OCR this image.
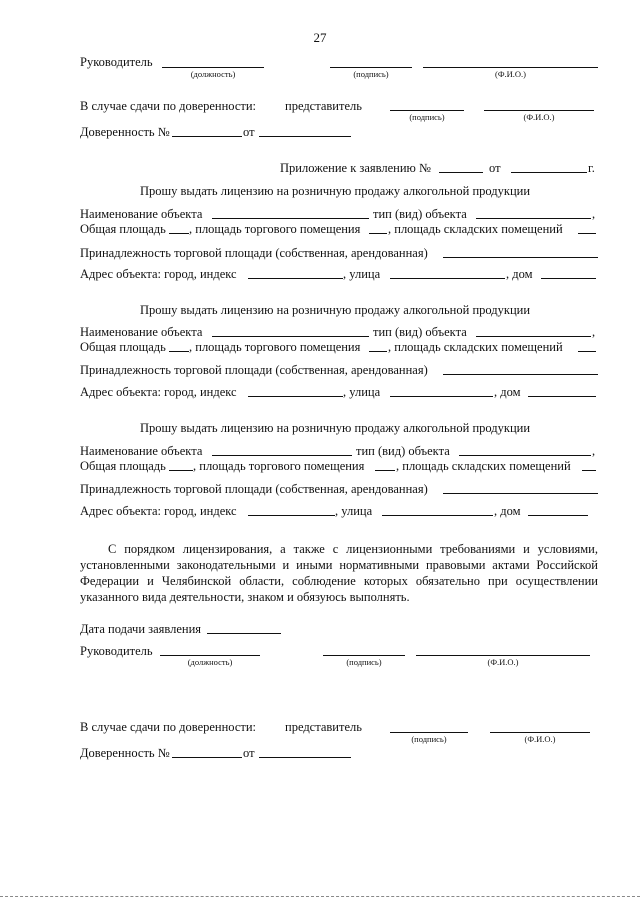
27
Руководитель
(должность)	(подпись)	(Ф.И.О.)
В случае сдачи по доверенности: представитель
(подпись)	(Ф.И.О.)
Доверенность №	от
Приложение к заявлению №	от	г.
Прошу выдать лицензию на розничную продажу алкогольной продукции
Наименование объекта	тип (вид) объекта	,
Общая площадь , площадь торгового помещения , площадь складских помещений
Принадлежность торговой площади (собственная, арендованная)
Адрес объекта: город, индекс	, улица	, дом
Прошу выдать лицензию на розничную продажу алкогольной продукции
Наименование объекта	тип (вид) объекта	,
Общая площадь , площадь торгового помещения , площадь складских помещений
Принадлежность торговой площади (собственная, арендованная)
Адрес объекта: город, индекс	, улица	, дом
Прошу выдать лицензию на розничную продажу алкогольной продукции
Наименование объекта	тип (вид) объекта	,
Общая площадь , площадь торгового помещения	, площадь складских помещений
Принадлежность торговой площади (собственная, арендованная)
Адрес объекта: город, индекс	, улица	, дом
С порядком лицензирования, а также с лицензионными требованиями и условиями, установленными законодательными и иными нормативными правовыми актами Российской Федерации и Челябинской области, соблюдение которых обязательно при осуществлении указанного вида деятельности, знаком и обязуюсь выполнять.
Дата подачи заявления
Руководитель
(должность)	(подпись)	(Ф.И.О.)
В случае сдачи по доверенности: представитель
(подпись)	(Ф.И.О.)
Доверенность №	от
